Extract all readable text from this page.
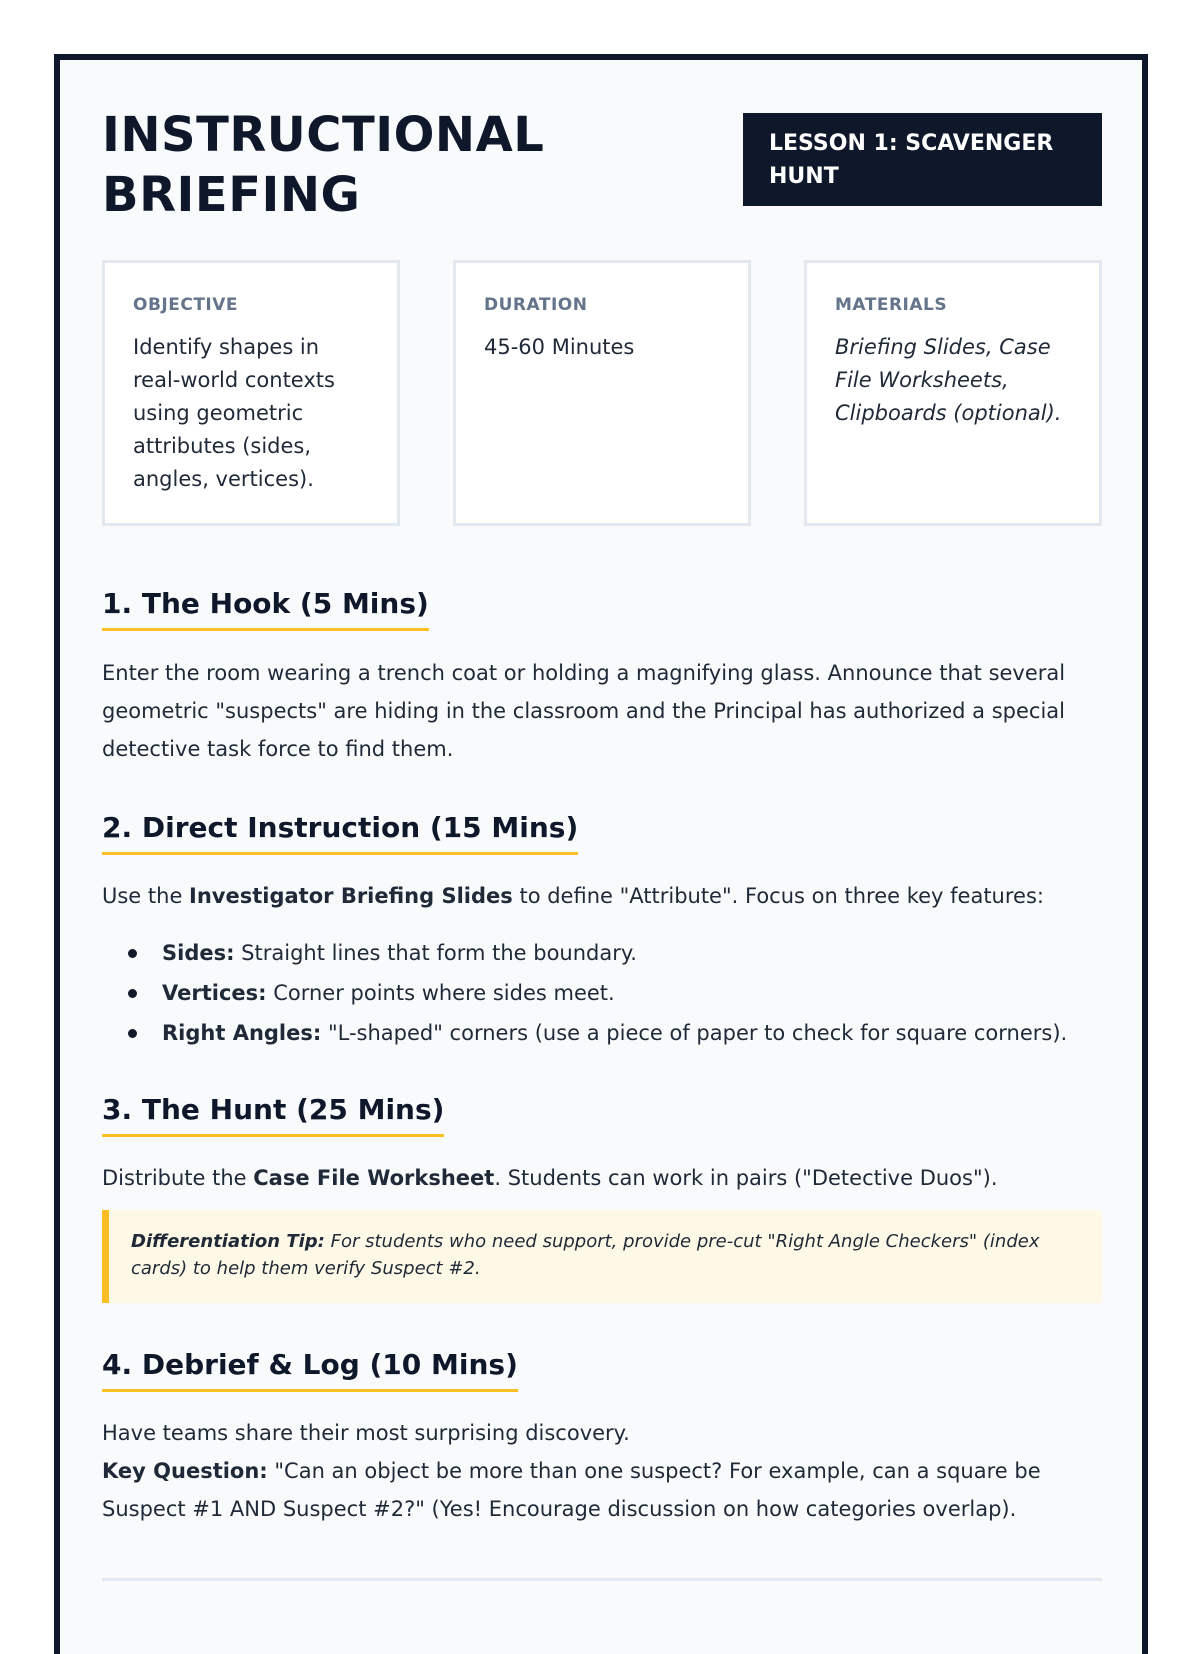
INSTRUCTIONAL
BRIEFING
LESSON 1: SCAVENGER HUNT
OBJECTIVE
Identify shapes in real-world contexts using geometric attributes (sides, angles, vertices).
DURATION
45-60 Minutes
MATERIALS
Briefing Slides, Case File Worksheets, Clipboards (optional).
1. The Hook (5 Mins)

Enter the room wearing a trench coat or holding a magnifying glass. Announce that several geometric "suspects" are hiding in the classroom and the Principal has authorized a special detective task force to find them.

2. Direct Instruction (15 Mins)

Use the Investigator Briefing Slides to define "Attribute". Focus on three key features:

Sides: Straight lines that form the boundary.
Vertices: Corner points where sides meet.
Right Angles: "L-shaped" corners (use a piece of paper to check for square corners).
3. The Hunt (25 Mins)

Distribute the Case File Worksheet. Students can work in pairs ("Detective Duos").

Differentiation Tip: For students who need support, provide pre-cut "Right Angle Checkers" (index cards) to help them verify Suspect #2.
4. Debrief & Log (10 Mins)

Have teams share their most surprising discovery.
Key Question: "Can an object be more than one suspect? For example, can a square be Suspect #1 AND Suspect #2?" (Yes! Encourage discussion on how categories overlap).
